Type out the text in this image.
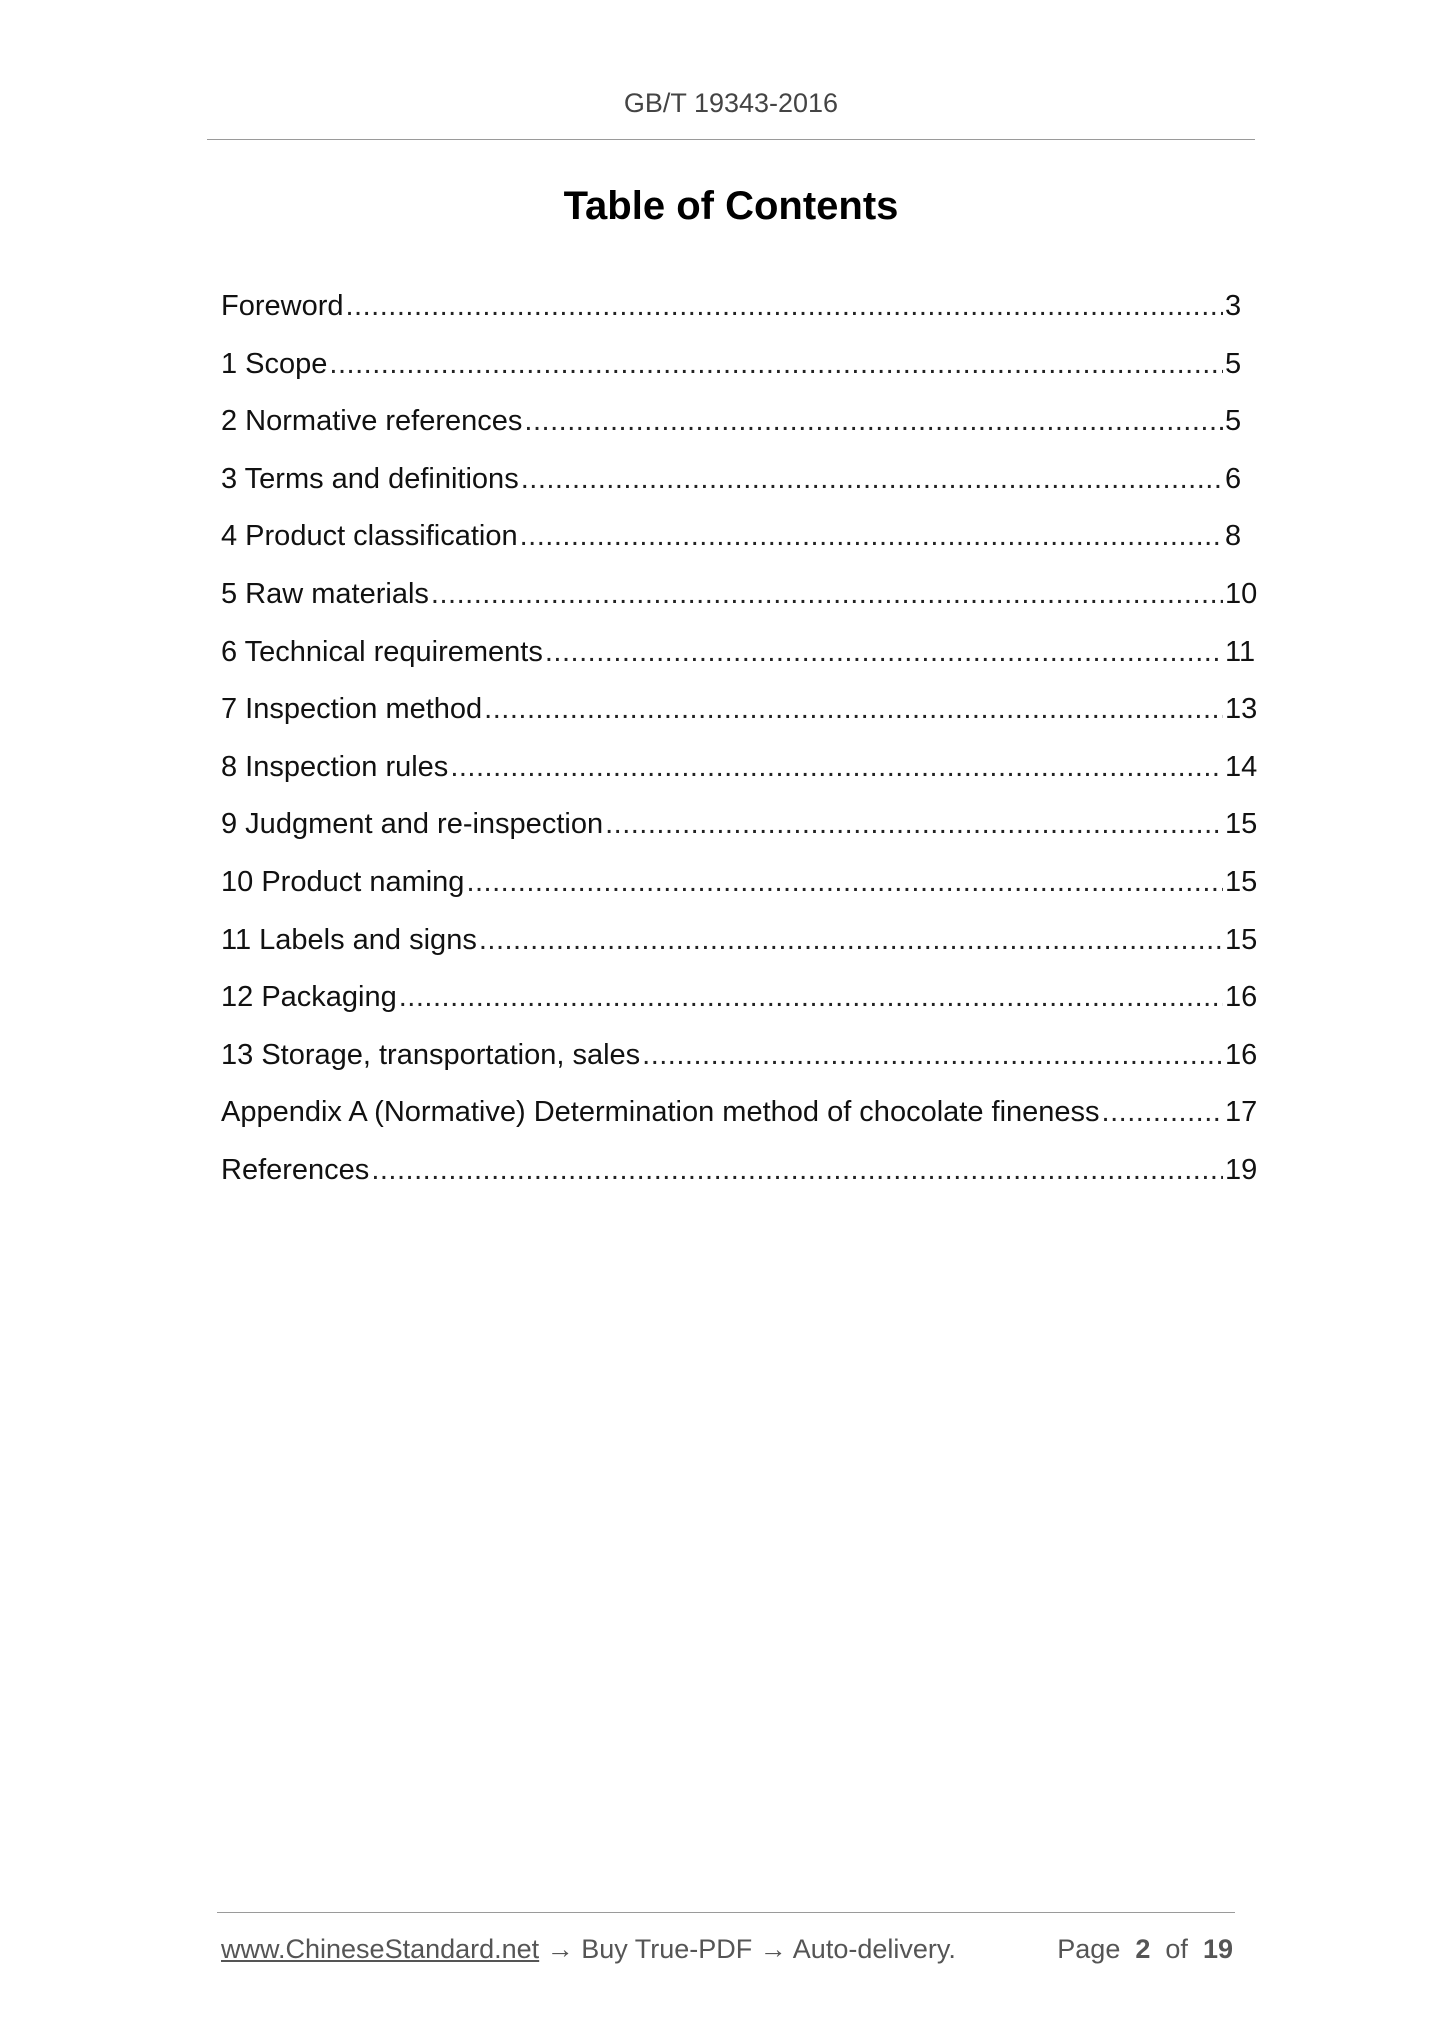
GB/T 19343-2016
Table of Contents
Foreword .....	3
1 Scope .....	5
2 Normative references .....	5
3 Terms and definitions .....	6
4 Product classification .....	8
5 Raw materials .....	10
6 Technical requirements .....	11
7 Inspection method .....	13
8 Inspection rules .....	14
9 Judgment and re-inspection .....	15
10 Product naming .....	15
11 Labels and signs .....	15
12 Packaging .....	16
13 Storage, transportation, sales .....	16
Appendix A (Normative) Determination method of chocolate fineness .....	17
References .....	19
www.ChineseStandard.net → Buy True-PDF → Auto-delivery.	Page 2 of 19
